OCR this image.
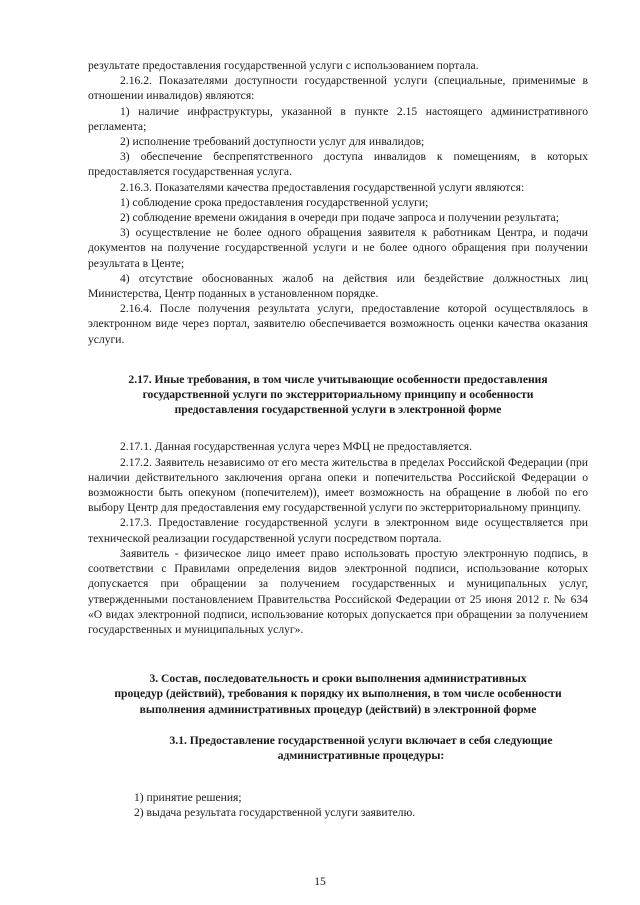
результате предоставления государственной услуги с использованием портала.

2.16.2. Показателями доступности государственной услуги (специальные, применимые в отношении инвалидов) являются:

1) наличие инфраструктуры, указанной в пункте 2.15 настоящего административного регламента;

2) исполнение требований доступности услуг для инвалидов;

3) обеспечение беспрепятственного доступа инвалидов к помещениям, в которых предоставляется государственная услуга.

2.16.3. Показателями качества предоставления государственной услуги являются:

1) соблюдение срока предоставления государственной услуги;

2) соблюдение времени ожидания в очереди при подаче запроса и получении результата;

3) осуществление не более одного обращения заявителя к работникам Центра, и подачи документов на получение государственной услуги и не более одного обращения при получении результата в Центе;

4) отсутствие обоснованных жалоб на действия или бездействие должностных лиц Министерства, Центр поданных в установленном порядке.

2.16.4. После получения результата услуги, предоставление которой осуществлялось в электронном виде через портал, заявителю обеспечивается возможность оценки качества оказания услуги.

2.17. Иные требования, в том числе учитывающие особенности предоставления
государственной услуги по экстерриториальному принципу и особенности
предоставления государственной услуги в электронной форме

2.17.1. Данная государственная услуга через МФЦ не предоставляется.

2.17.2. Заявитель независимо от его места жительства в пределах Российской Федерации (при наличии действительного заключения органа опеки и попечительства Российской Федерации о возможности быть опекуном (попечителем)), имеет возможность на обращение в любой по его выбору Центр для предоставления ему государственной услуги по экстерриториальному принципу.

2.17.3. Предоставление государственной услуги в электронном виде осуществляется при технической реализации государственной услуги посредством портала.

Заявитель - физическое лицо имеет право использовать простую электронную подпись, в соответствии с Правилами определения видов электронной подписи, использование которых допускается при обращении за получением государственных и муниципальных услуг, утвержденными постановлением Правительства Российской Федерации от 25 июня 2012 г. № 634 «О видах электронной подписи, использование которых допускается при обращении за получением государственных и муниципальных услуг».

3. Состав, последовательность и сроки выполнения административных
процедур (действий), требования к порядку их выполнения, в том числе особенности
выполнения административных процедур (действий) в электронной форме
3.1. Предоставление государственной услуги включает в себя следующие административные процедуры:

1) принятие решения;

2) выдача результата государственной услуги заявителю.

15
